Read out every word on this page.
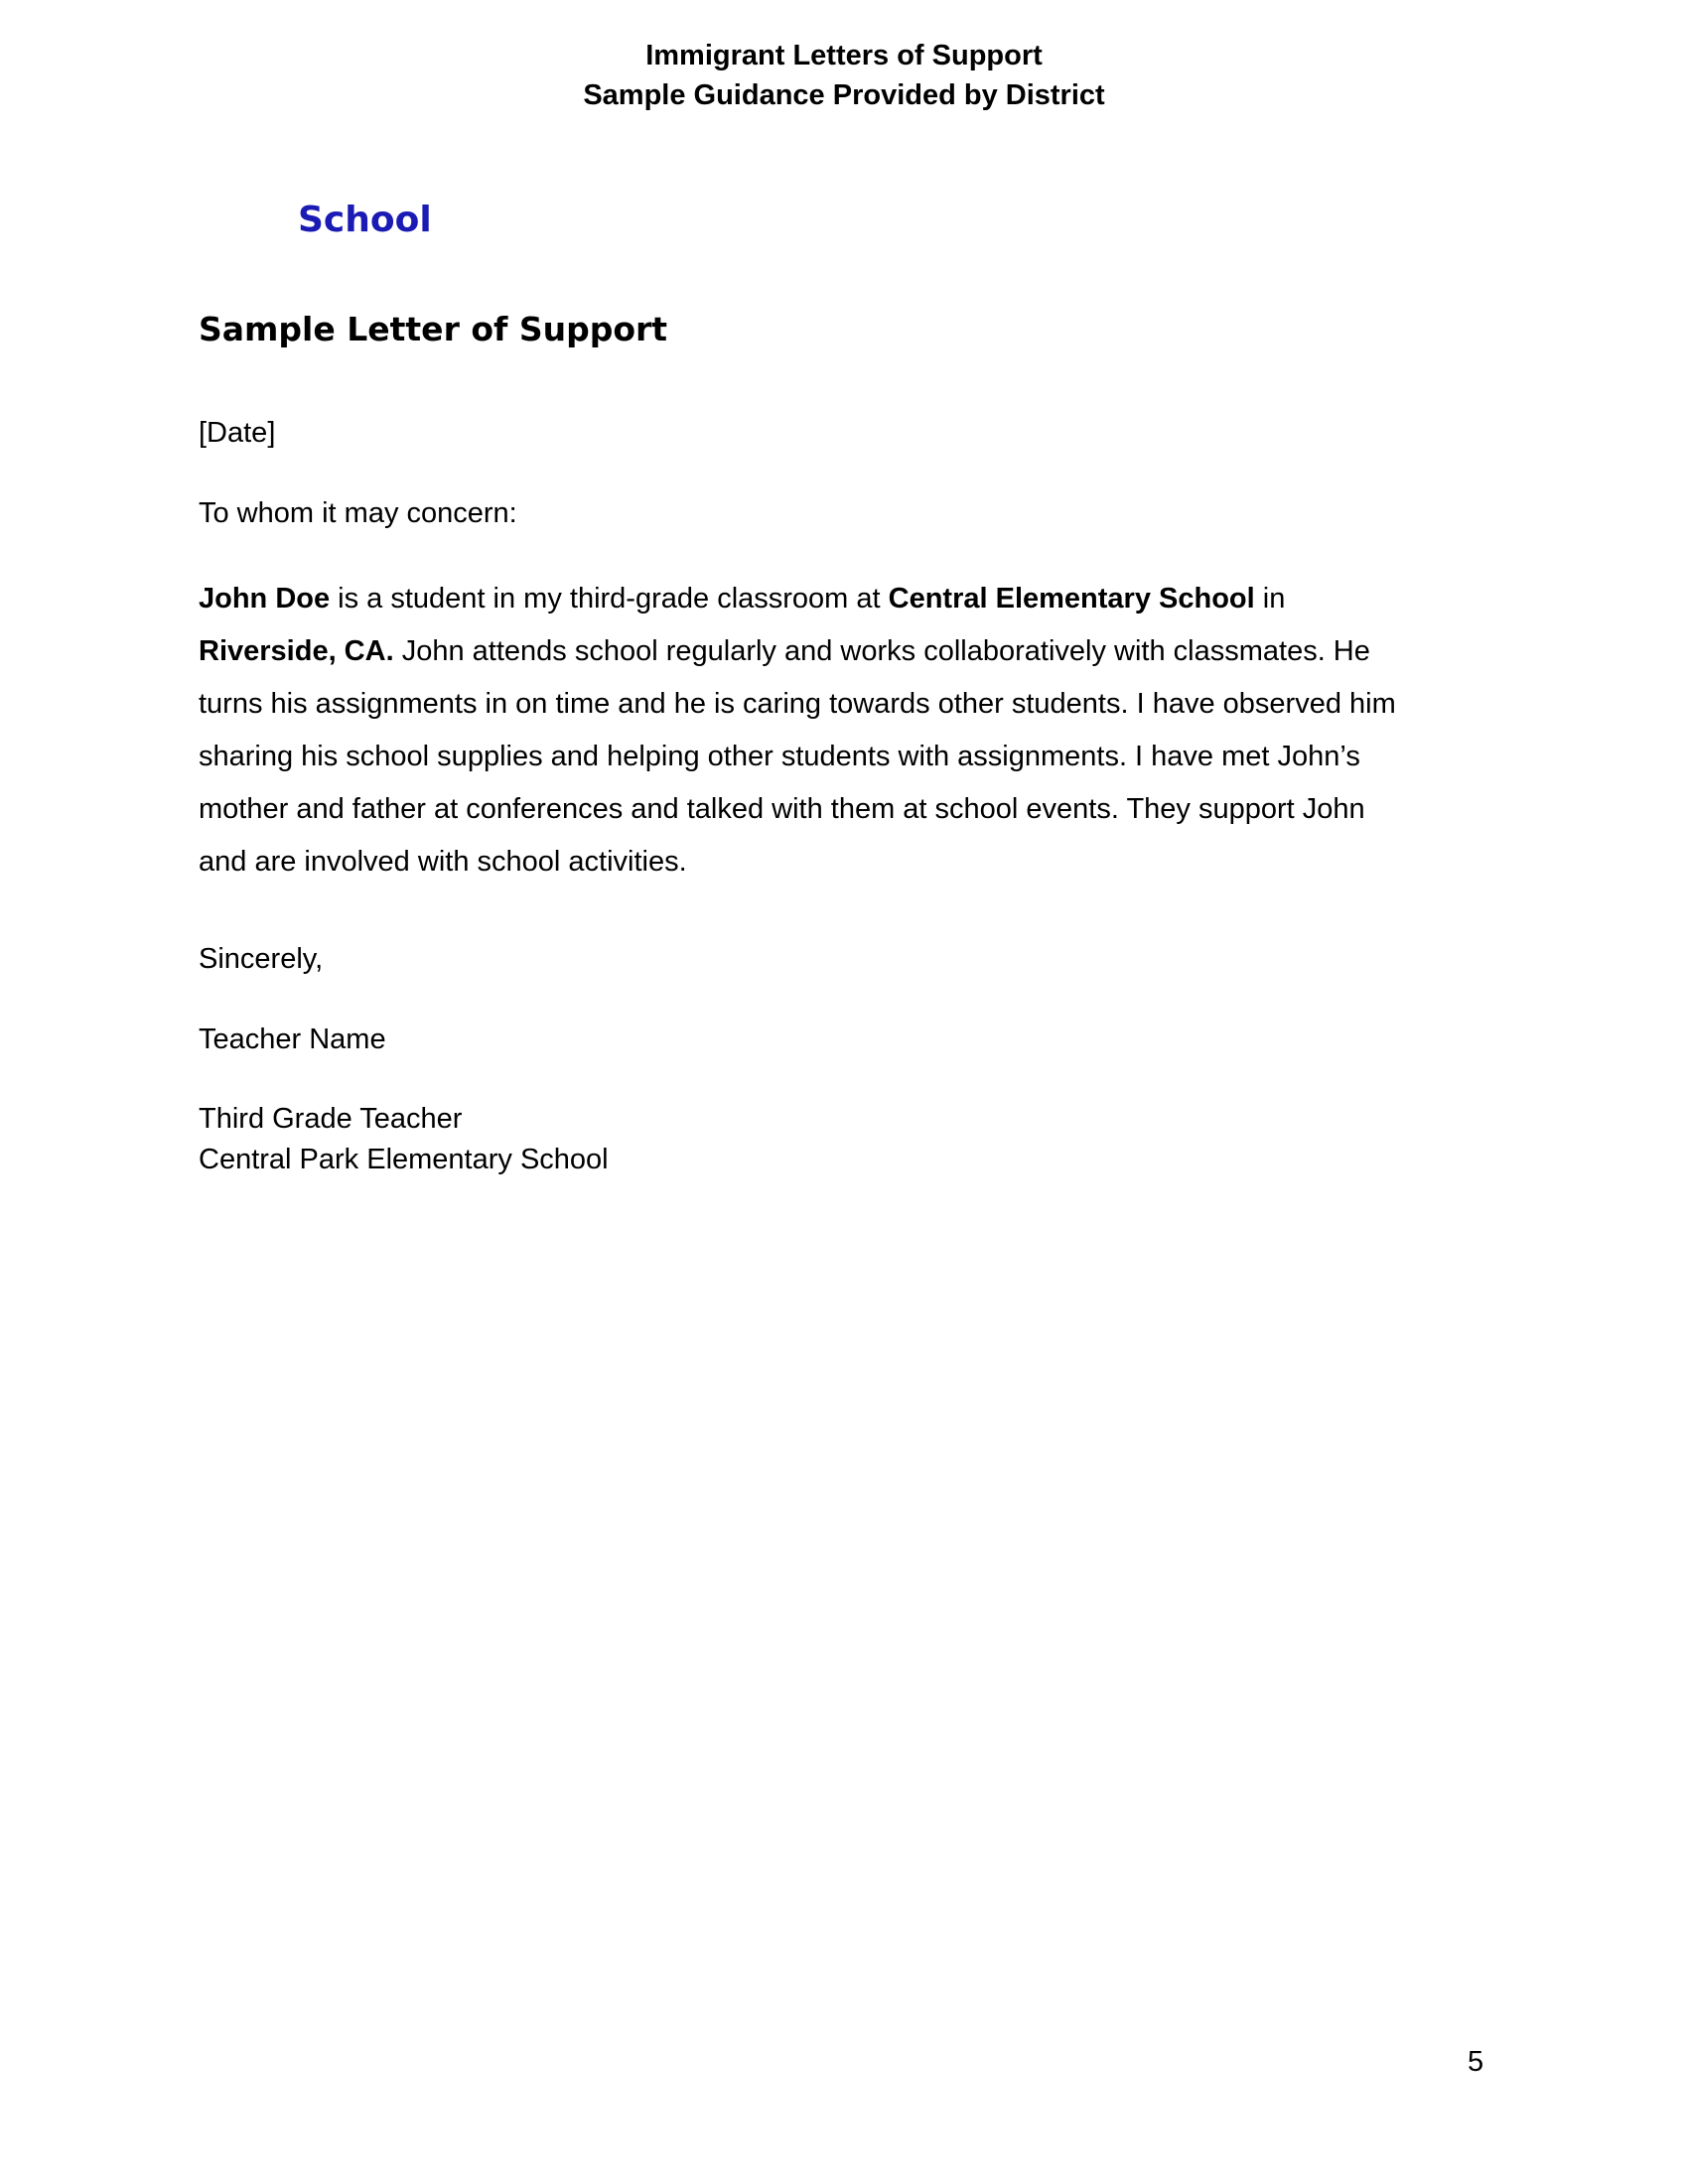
Immigrant Letters of Support
Sample Guidance Provided by District
School
Sample Letter of Support
[Date]
To whom it may concern:
John Doe is a student in my third-grade classroom at Central Elementary School in
Riverside, CA. John attends school regularly and works collaboratively with classmates. He
turns his assignments in on time and he is caring towards other students. I have observed him
sharing his school supplies and helping other students with assignments. I have met John’s
mother and father at conferences and talked with them at school events. They support John
and are involved with school activities.
Sincerely,
Teacher Name
Third Grade Teacher
Central Park Elementary School
5
